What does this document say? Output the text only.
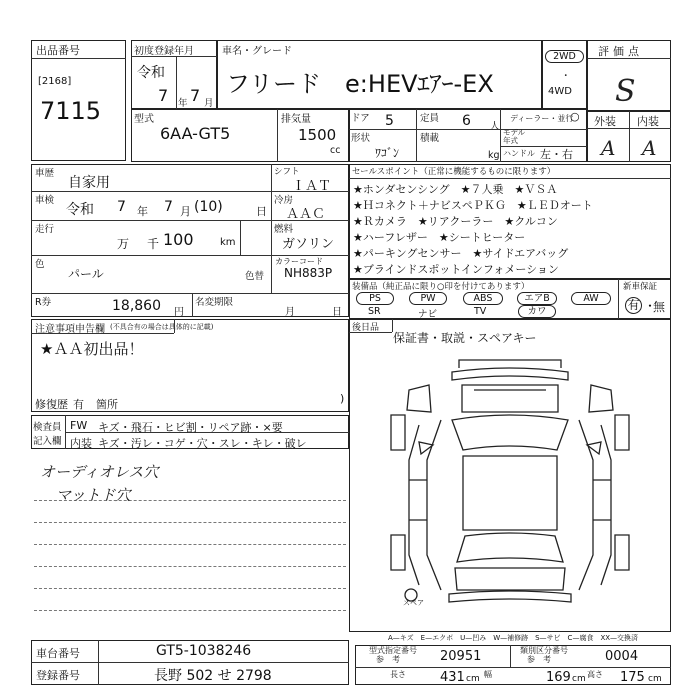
出品番号
[2168]
7115
初度登録年月
令和
7 年 7 月
車名・グレード
フリード　e:HEVｴｱｰ-EX
2WD
・
4WD
評価点
S
型式
6AA-GT5
排気量
1500
cc
ドア 5	定員 6 人
ディーラー・並行
○
形状
ﾜｺﾞﾝ
積載
kg
モデル
年式
ハンドル 左・右
外装 内装
A A
車歴
自家用
シフト
ＩＡＴ
車検
令和 7 年 7 月 (10)	日
冷房
ＡＡＣ
走行
万 千 100	km
燃料
ガソリン
色
パール	色替
カラーコード
NH883P
R券	18,860 円
名変期限
月	日
注意事項申告欄 (不具合有の場合は具体的に記載)
★ＡＡ初出品！
修復歴 有 箇所	)
セールスポイント（正常に機能するものに限ります）
★ホンダセンシング　★７人乗　★ＶＳＡ
★Ｈコネクト＋ナビスペＰＫＧ　★ＬＥＤオート
★Ｒカメラ　★リアクーラー　★クルコン
★ハーフレザー　★シートヒーター
★パーキングセンサー　★サイドエアバッグ
★ブラインドスポットインフォメーション
装備品（純正品に限り○印を付けてあります）	新車保証
PS	PW	ABS	エアB	AW
SR	ナビ	TV	カワ	有 ・
無
後日品
保証書・取説・スペアキー
スペア
A—キズ　E—エクボ　U—凹み　W—補修跡　S—サビ　C—腐食　XX—交換済
検査員
記入欄
FW キズ・飛石・ヒビ割・リペア跡・×要
内装 キズ・汚レ・コゲ・穴・スレ・キレ・破レ
オーディオレス穴
マットド穴
車台番号	GT5-1038246
登録番号	長野 502 せ 2798
型式指定番号
参　考	20951	類別区分番号
参　考	0004
長さ	431 cm 幅	169 cm 高さ 175 cm
